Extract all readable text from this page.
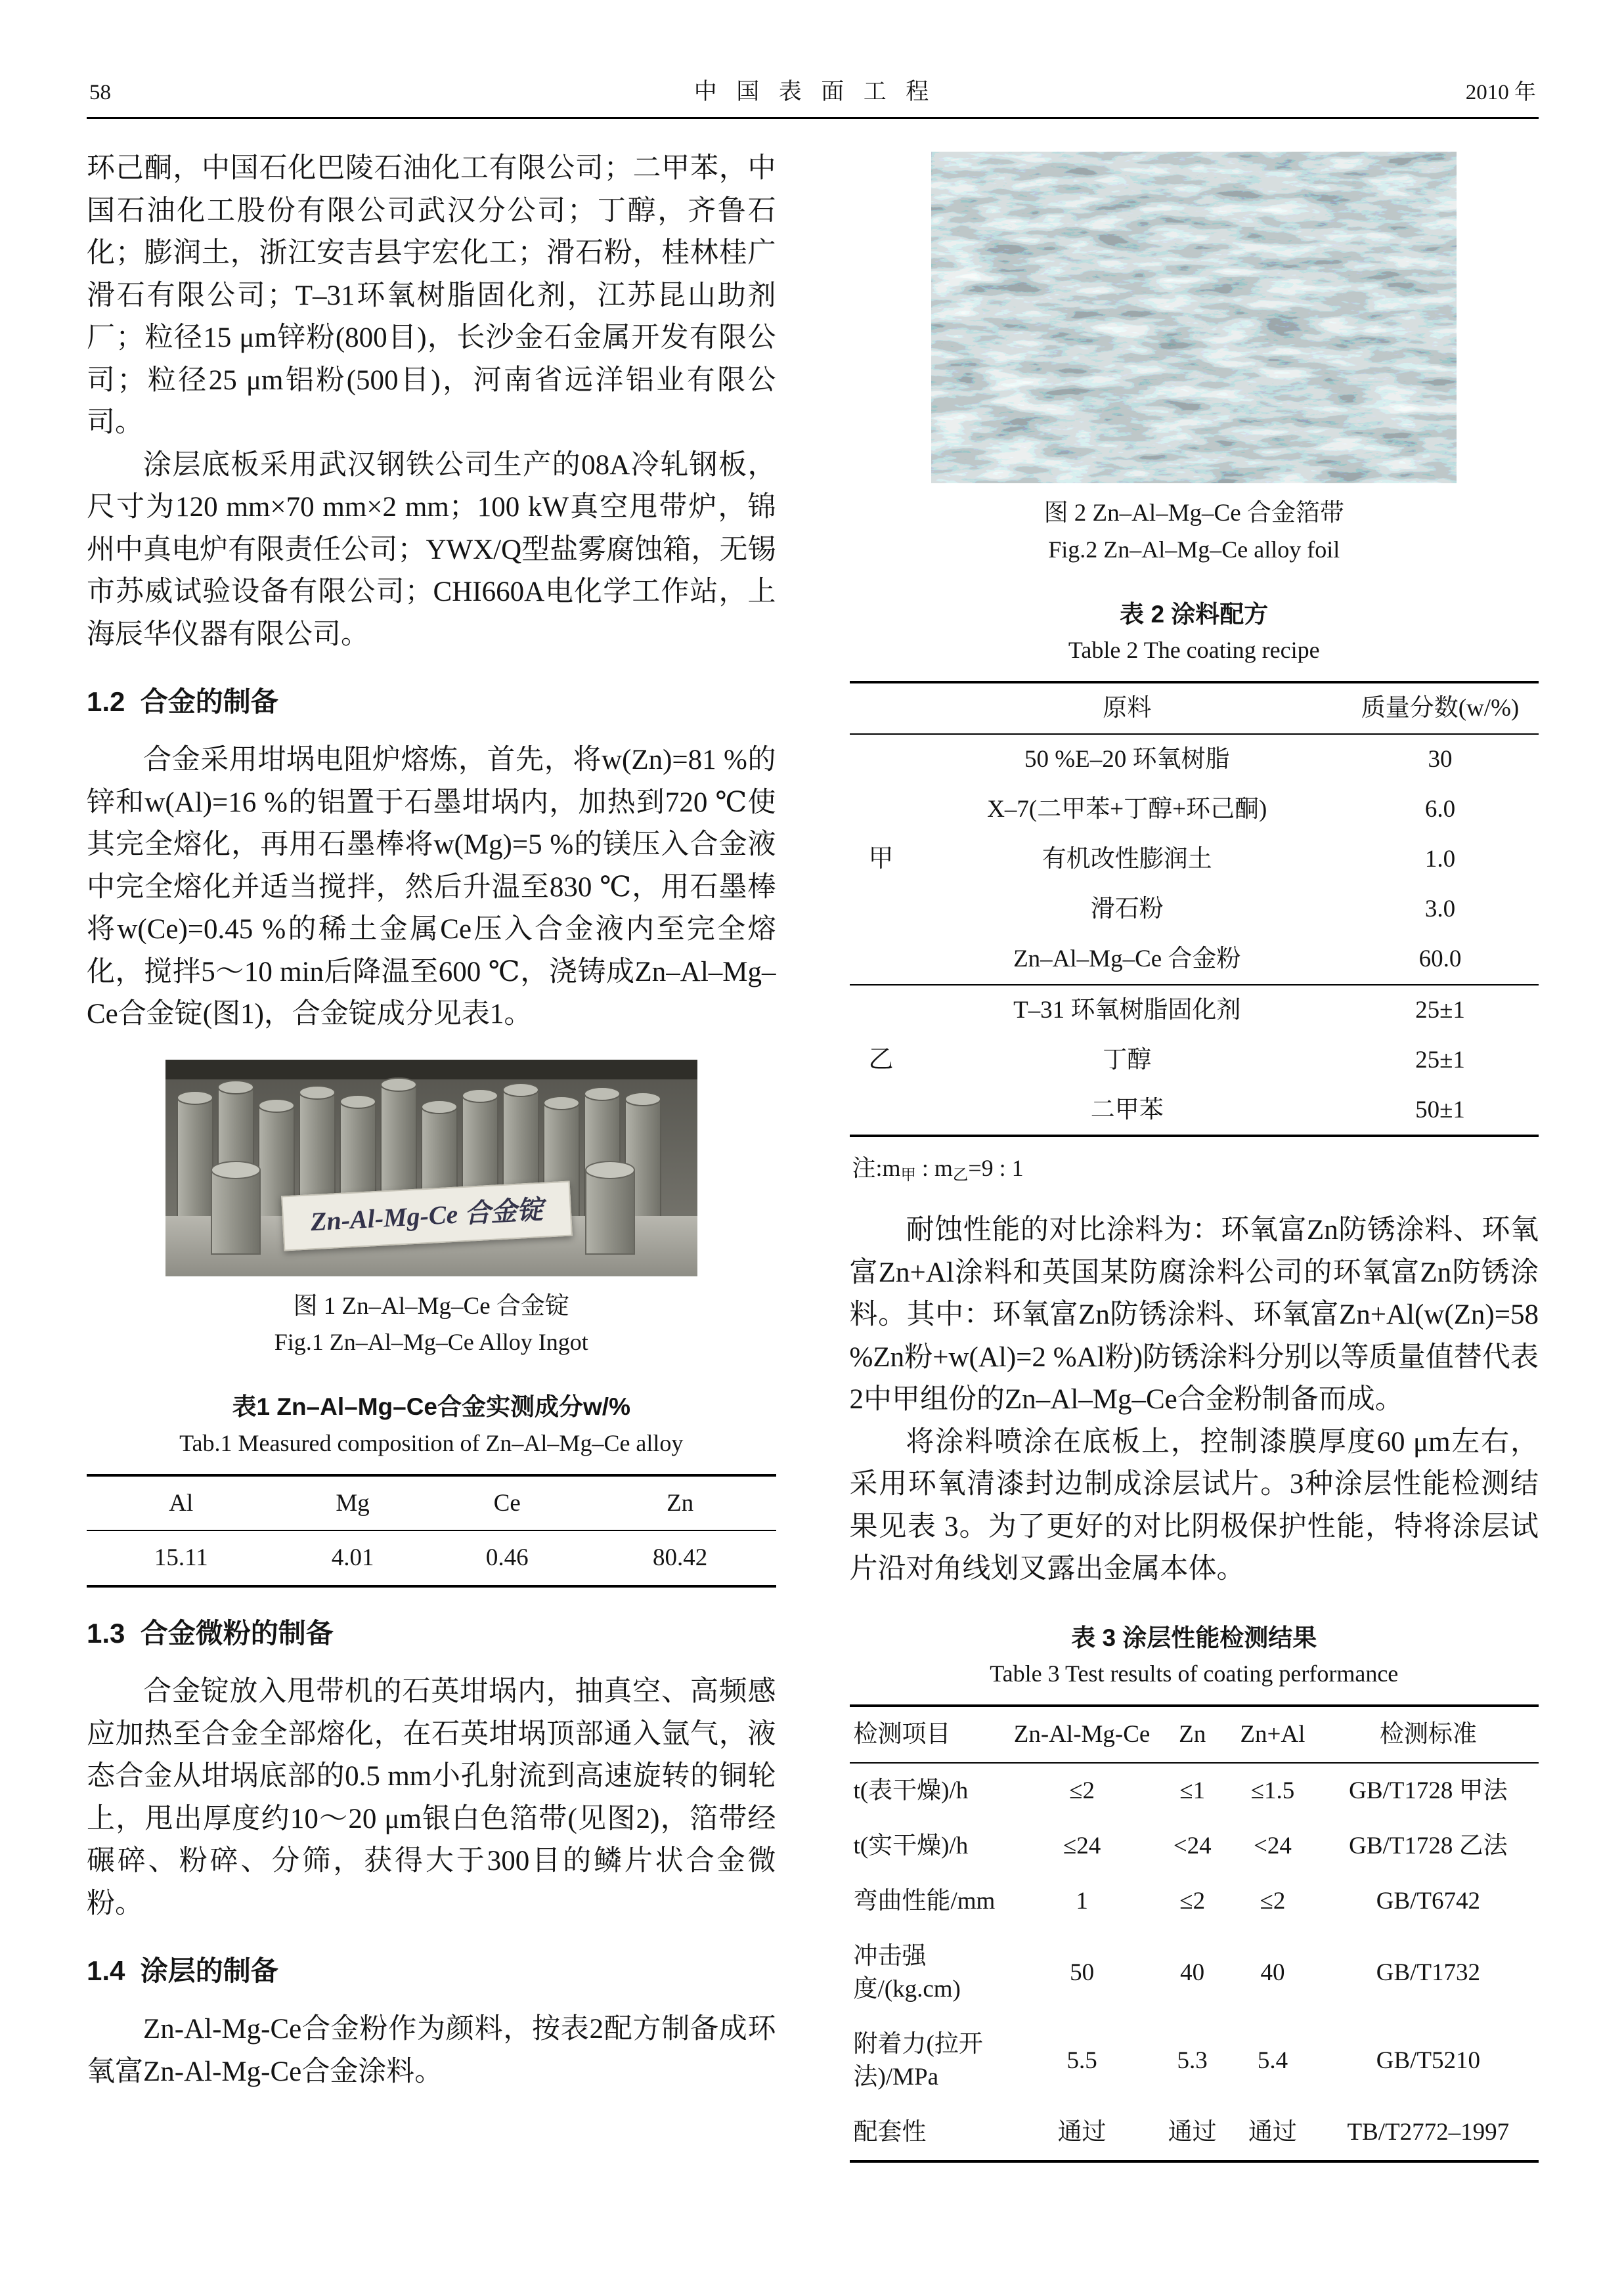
58	中  国  表  面  工  程	2010 年

环己酮，中国石化巴陵石油化工有限公司；二甲苯，中国石油化工股份有限公司武汉分公司；丁醇，齐鲁石化；膨润土，浙江安吉县宇宏化工；滑石粉，桂林桂广滑石有限公司；T–31环氧树脂固化剂，江苏昆山助剂厂；粒径15 μm锌粉(800目)，长沙金石金属开发有限公司；粒径25 μm铝粉(500目)，河南省远洋铝业有限公司。

涂层底板采用武汉钢铁公司生产的08A冷轧钢板，尺寸为120 mm×70 mm×2 mm；100 kW真空甩带炉，锦州中真电炉有限责任公司；YWX/Q型盐雾腐蚀箱，无锡市苏威试验设备有限公司；CHI660A电化学工作站，上海辰华仪器有限公司。

1.2  合金的制备

合金采用坩埚电阻炉熔炼，首先，将w(Zn)=81 %的锌和w(Al)=16 %的铝置于石墨坩埚内，加热到720 ℃使其完全熔化，再用石墨棒将w(Mg)=5 %的镁压入合金液中完全熔化并适当搅拌，然后升温至830 ℃，用石墨棒将w(Ce)=0.45 %的稀土金属Ce压入合金液内至完全熔化，搅拌5～10 min后降温至600 ℃，浇铸成Zn–Al–Mg–Ce合金锭(图1)，合金锭成分见表1。

Zn-Al-Mg-Ce 合金锭
图 1 Zn–Al–Mg–Ce 合金锭
Fig.1 Zn–Al–Mg–Ce Alloy Ingot
表1 Zn–Al–Mg–Ce合金实测成分w/%
Tab.1 Measured composition of Zn–Al–Mg–Ce alloy
Al	Mg	Ce	Zn
15.11	4.01	0.46	80.42
1.3  合金微粉的制备

合金锭放入甩带机的石英坩埚内，抽真空、高频感应加热至合金全部熔化，在石英坩埚顶部通入氩气，液态合金从坩埚底部的0.5 mm小孔射流到高速旋转的铜轮上，甩出厚度约10～20 μm银白色箔带(见图2)，箔带经碾碎、粉碎、分筛，获得大于300目的鳞片状合金微粉。

1.4  涂层的制备

Zn-Al-Mg-Ce合金粉作为颜料，按表2配方制备成环氧富Zn-Al-Mg-Ce合金涂料。

图 2 Zn–Al–Mg–Ce 合金箔带
Fig.2 Zn–Al–Mg–Ce alloy foil
表 2 涂料配方
Table 2 The coating recipe
	原料	质量分数(w/%)
甲	50 %E–20 环氧树脂	30
	X–7(二甲苯+丁醇+环己酮)	6.0
	有机改性膨润土	1.0
	滑石粉	3.0
	Zn–Al–Mg–Ce 合金粉	60.0
乙	T–31 环氧树脂固化剂	25±1
	丁醇	25±1
	二甲苯	50±1

注$:m_甲$ : $m_乙=9$ : 1

耐蚀性能的对比涂料为：环氧富Zn防锈涂料、环氧富Zn+Al涂料和英国某防腐涂料公司的环氧富Zn防锈涂料。其中：环氧富Zn防锈涂料、环氧富Zn+Al(w(Zn)=58 %Zn粉+w(Al)=2 %Al粉)防锈涂料分别以等质量值替代表2中甲组份的Zn–Al–Mg–Ce合金粉制备而成。

将涂料喷涂在底板上，控制漆膜厚度60 μm左右，采用环氧清漆封边制成涂层试片。3种涂层性能检测结果见表 3。为了更好的对比阴极保护性能，特将涂层试片沿对角线划叉露出金属本体。

表 3 涂层性能检测结果
Table 3 Test results of coating performance
检测项目	Zn-Al-Mg-Ce	Zn	Zn+Al	检测标准
t(表干燥)/h	≤2	≤1	≤1.5	GB/T1728 甲法
t(实干燥)/h	≤24	<24	<24	GB/T1728 乙法
弯曲性能/mm	1	≤2	≤2	GB/T6742
冲击强度/(kg.cm)	50	40	40	GB/T1732
附着力(拉开法)/MPa	5.5	5.3	5.4	GB/T5210
配套性	通过	通过	通过	TB/T2772–1997
